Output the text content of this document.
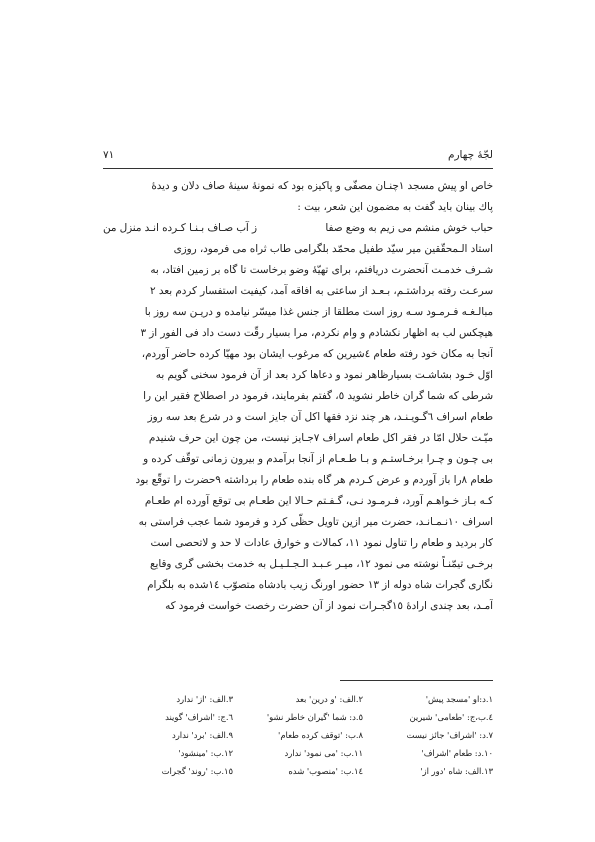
لجّۀ چهارم
٧١
خاص او پیش مسجد ١چنـان مصفّی و پاکیزه بود که نمونۀ سینۀ صاف دلان و دیدۀ
پاك بینان باید گفت به مضمون این شعر، بیت :
حباب خوش منشم می زیم به وضع صفا
ز آب صـاف بـنـا کـرده انـد منزل من
استاد الـمحقّقین میر سیّد طفیل محمّد بلگرامی طاب ثراه می فرمود، روزی
شـرف خدمـت آنحضرت دریافتم، برای تهیّۀ وضو برخاست تا گاه بر زمین افتاد، به
سرعـت رفته برداشتـم، بـعـد از ساعتی به افاقه آمد، کیفیت استفسار کردم بعد ٢
مبالـغـه فـرمـود سـه روز است مطلقا از جنس غذا میسّر نیامده و دریـن سه روز با
هیچکس لب به اظهار نکشادم و وام نکردم، مرا بسیار رقّت دست داد فی الفور از ٣
آنجا به مکان خود رفته طعام ٤شیرین که مرغوب ایشان بود مهیّا کرده حاضر آوردم،
اوّل خـود بشاشـت بسیارظاهر نمود و دعاها کرد بعد از آن فرمود سخنی گویم به
شرطی که شما گران خاطر نشوید ٥، گفتم بفرمایند، فرمود در اصطلاح فقیر این را
طعام اسراف ٦گـویـنـد، هر چند نزد فقها اکل آن جایز است و در شرع بعد سه روز
میّـت حلال امّا در فقر اکل طعام اسراف ٧جـایز نیست، من چون این حرف شنیدم
بی چـون و چـرا برخـاستـم و بـا طـعـام از آنجا برآمدم و بیرون زمانی توقّف کرده و
طعام ٨را باز آوردم و عرض کـردم هر گاه بنده طعام را برداشته ٩حضرت را توقّع بود
کـه بـاز خـواهـم آورد، فـرمـود نـی، گـفـتم حـالا این طعـام بی توقع آورده ام طعـام
اسراف ١٠نـمـانـد، حضرت میر ازین تاویل حظّی کرد و فرمود شما عجب فراستی به
کار بردید و طعام را تناول نمود ١١، کمالات و خوارق عادات لا حد و لاتحصی است
برخـی تیمّنـاً نوشته می نمود ١٢، میـر عـبـد الـجـلـیـل به خدمت بخشی گری وقایع
نگاری گجرات شاه دوله از ١٣ حضور اورنگ زیب بادشاه متصوّب ١٤شده به بلگرام
آمـد، بعد چندی ارادۀ ١٥گجـرات نمود از آن حضرت رخصت خواست فرمود که
١.د:او 'مسجد پیش'
٢.الف: 'و درین' بعد
٣.الف: 'از' ندارد
٤.ب،ج: 'طعامی' شیرین
٥.د: شما 'گیران خاطر نشو'
٦.ج: 'اشراف' گویند
٧.د: 'اشراف' جائز نیست
٨.ب: 'توقف کرده طعام'
٩.الف: 'برد' ندارد
١٠.د: طعام 'اشراف'
١١.ب: 'می نمود' ندارد
١٢.ب: 'مینشود'
١٣.الف: شاه 'دور از'
١٤.ب: 'منصوب' شده
١٥.ب: 'روند' گجرات
